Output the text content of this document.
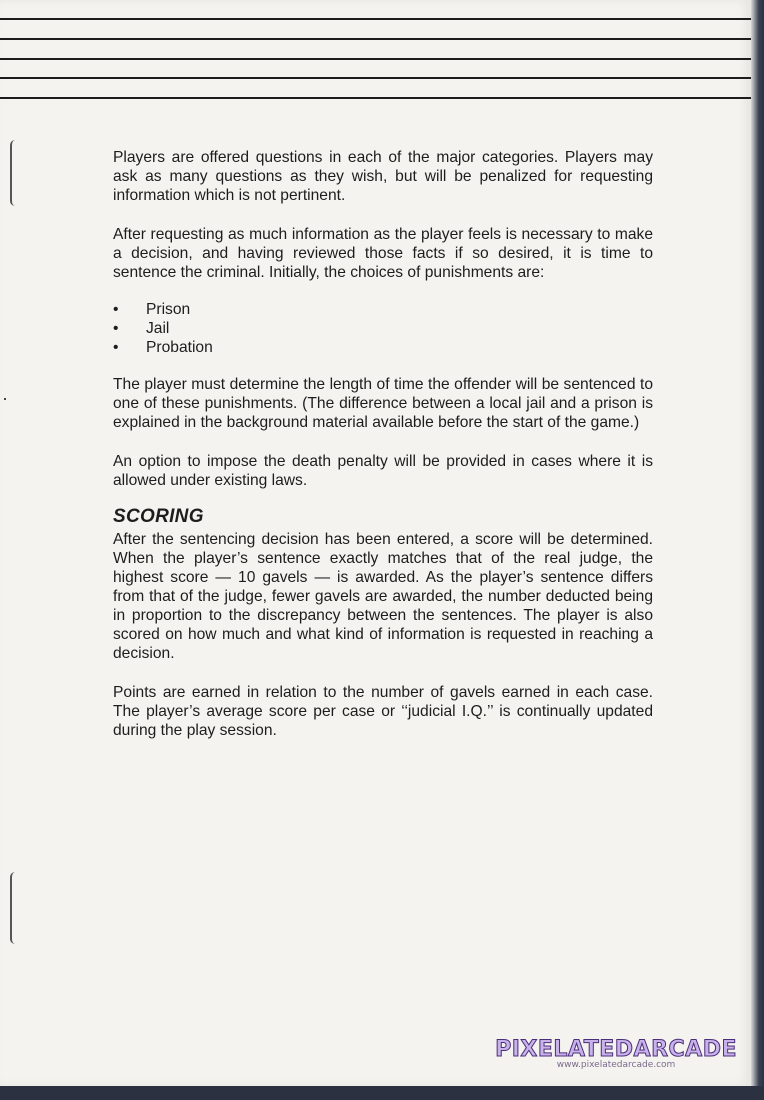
Players are offered questions in each of the major categories. Players may ask as many questions as they wish, but will be penalized for requesting information which is not pertinent.

After requesting as much information as the player feels is necessary to make a decision, and having reviewed those facts if so desired, it is time to sentence the criminal. Initially, the choices of punishments are:

• Prison
• Jail
• Probation

The player must determine the length of time the offender will be sentenced to one of these punishments. (The difference between a local jail and a prison is explained in the background material available before the start of the game.)

An option to impose the death penalty will be provided in cases where it is allowed under existing laws.

SCORING

After the sentencing decision has been entered, a score will be determined. When the player’s sentence exactly matches that of the real judge, the highest score — 10 gavels — is awarded. As the player’s sentence differs from that of the judge, fewer gavels are awarded, the number deducted being in proportion to the discrepancy between the sentences. The player is also scored on how much and what kind of information is requested in reaching a decision.

Points are earned in relation to the number of gavels earned in each case. The player’s average score per case or ‘‘judicial I.Q.’’ is continually updated during the play session.

PIXELATEDARCADE
www.pixelatedarcade.com
